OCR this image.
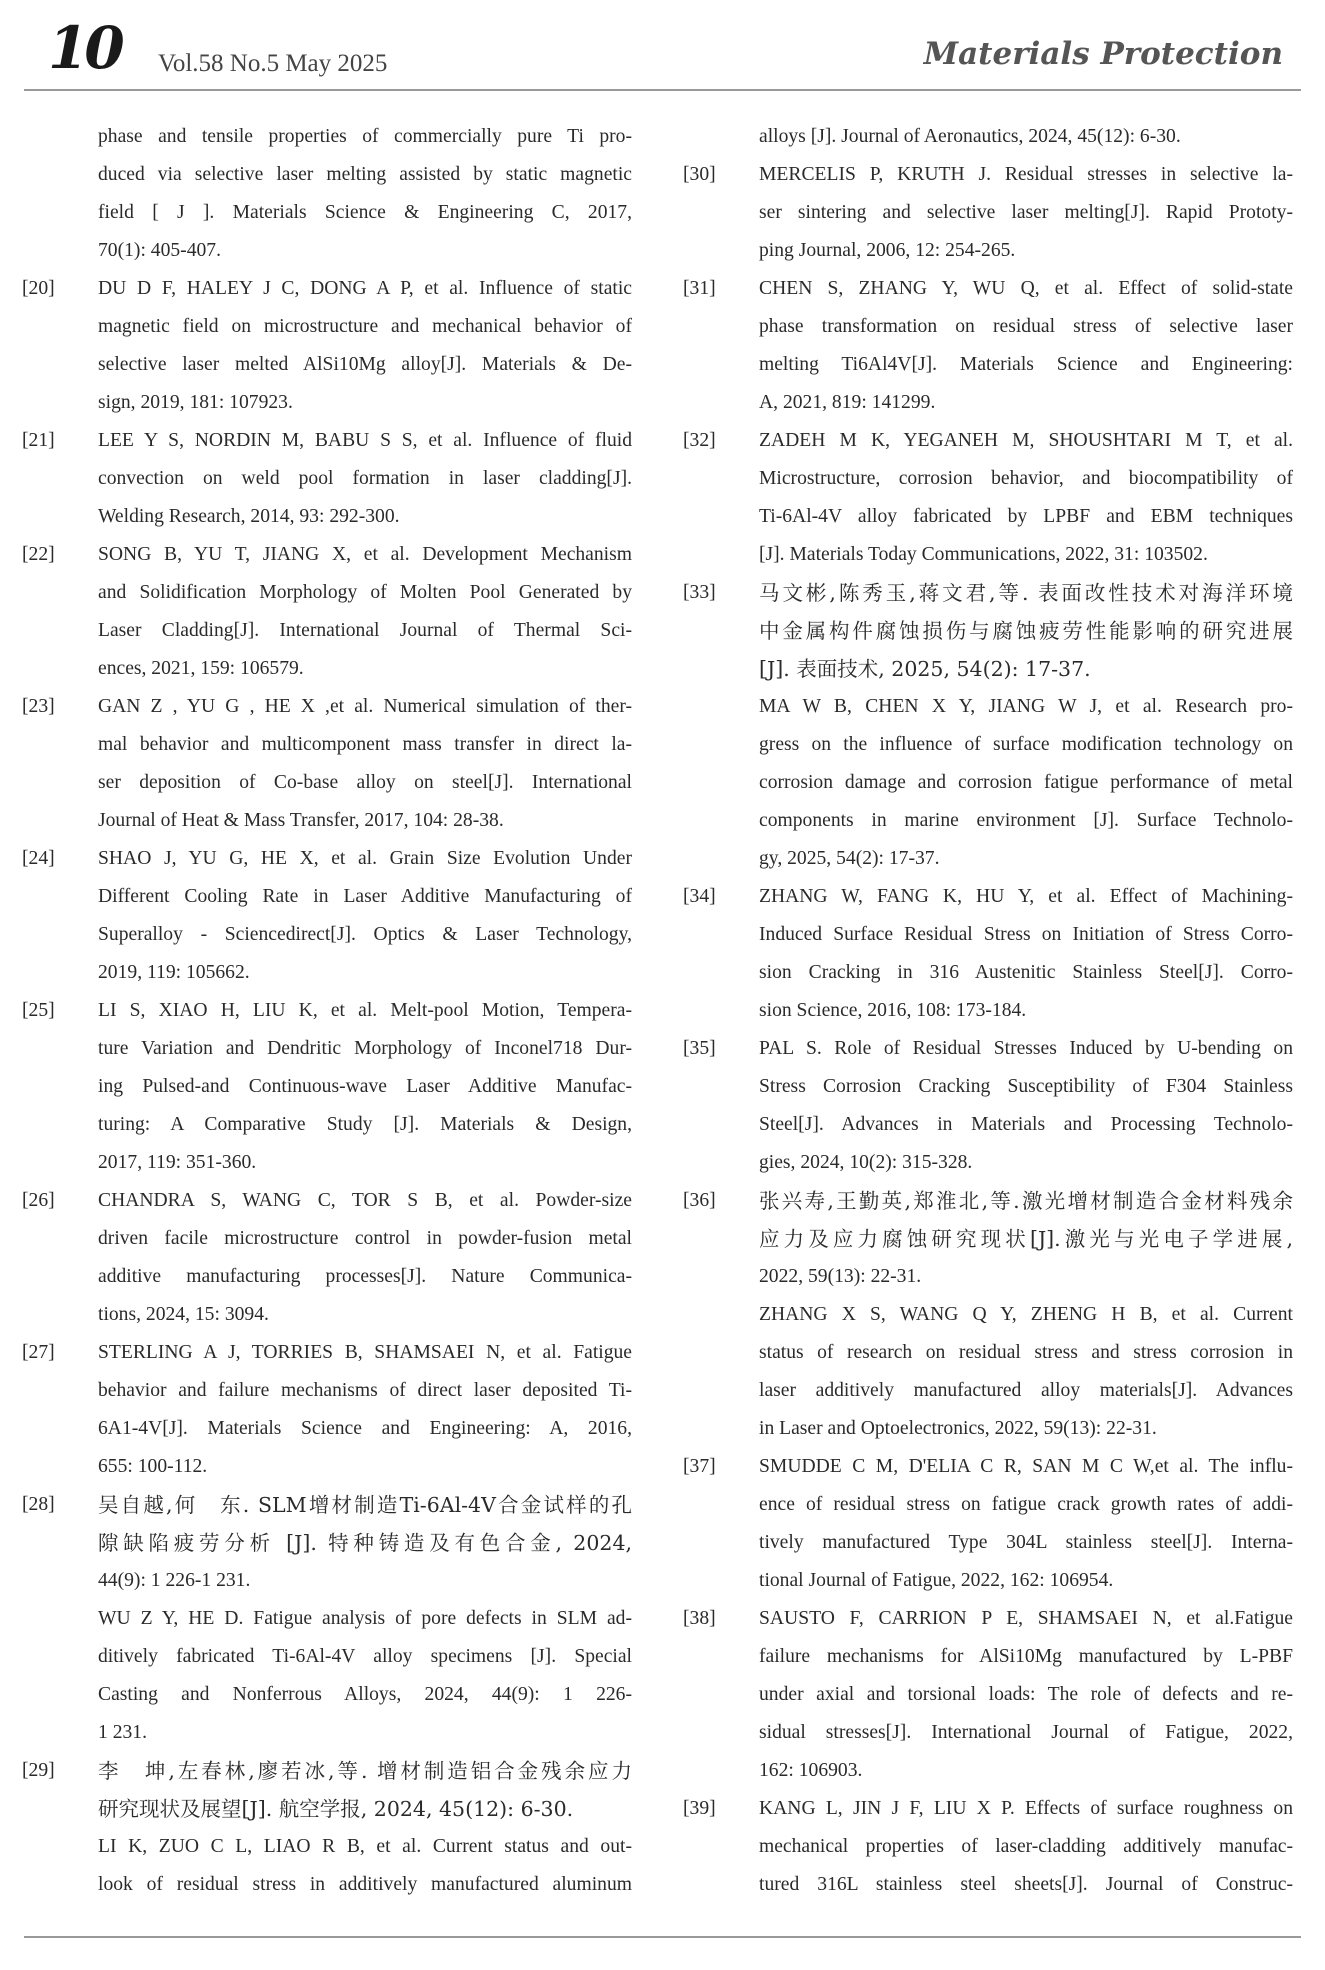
10 Vol.58 No.5 May 2025	Materials Protection
phase and tensile properties of commercially pure Ti pro-
duced via selective laser melting assisted by static magnetic
field [ J ]. Materials Science & Engineering C, 2017,
70(1): 405-407.
[20]	DU D F, HALEY J C, DONG A P, et al. Influence of static
magnetic field on microstructure and mechanical behavior of
selective laser melted AlSi10Mg alloy[J]. Materials & De-
sign, 2019, 181: 107923.
[21]	LEE Y S, NORDIN M, BABU S S, et al. Influence of fluid
convection on weld pool formation in laser cladding[J].
Welding Research, 2014, 93: 292-300.
[22]	SONG B, YU T, JIANG X, et al. Development Mechanism
and Solidification Morphology of Molten Pool Generated by
Laser Cladding[J]. International Journal of Thermal Sci-
ences, 2021, 159: 106579.
[23]	GAN Z , YU G , HE X ,et al. Numerical simulation of ther-
mal behavior and multicomponent mass transfer in direct la-
ser deposition of Co-base alloy on steel[J]. International
Journal of Heat & Mass Transfer, 2017, 104: 28-38.
[24]	SHAO J, YU G, HE X, et al. Grain Size Evolution Under
Different Cooling Rate in Laser Additive Manufacturing of
Superalloy - Sciencedirect[J]. Optics & Laser Technology,
2019, 119: 105662.
[25]	LI S, XIAO H, LIU K, et al. Melt-pool Motion, Tempera-
ture Variation and Dendritic Morphology of Inconel718 Dur-
ing Pulsed-and Continuous-wave Laser Additive Manufac-
turing: A Comparative Study [J]. Materials & Design,
2017, 119: 351-360.
[26]	CHANDRA S, WANG C, TOR S B, et al. Powder-size
driven facile microstructure control in powder-fusion metal
additive manufacturing processes[J]. Nature Communica-
tions, 2024, 15: 3094.
[27]	STERLING A J, TORRIES B, SHAMSAEI N, et al. Fatigue
behavior and failure mechanisms of direct laser deposited Ti-
6A1-4V[J]. Materials Science and Engineering: A, 2016,
655: 100-112.
[28]	吴自越,何　东. SLM增材制造Ti-6Al-4V合金试样的孔
隙缺陷疲劳分析 [J]. 特种铸造及有色合金, 2024,
44(9): 1 226-1 231.
WU Z Y, HE D. Fatigue analysis of pore defects in SLM ad-
ditively fabricated Ti-6Al-4V alloy specimens [J]. Special
Casting and Nonferrous Alloys, 2024, 44(9): 1 226-
1 231.
[29]	李　坤,左春林,廖若冰,等. 增材制造铝合金残余应力
研究现状及展望[J]. 航空学报, 2024, 45(12): 6-30.
LI K, ZUO C L, LIAO R B, et al. Current status and out-
look of residual stress in additively manufactured aluminum
alloys [J]. Journal of Aeronautics, 2024, 45(12): 6-30.
[30]	MERCELIS P, KRUTH J. Residual stresses in selective la-
ser sintering and selective laser melting[J]. Rapid Prototy-
ping Journal, 2006, 12: 254-265.
[31]	CHEN S, ZHANG Y, WU Q, et al. Effect of solid-state
phase transformation on residual stress of selective laser
melting Ti6Al4V[J]. Materials Science and Engineering:
A, 2021, 819: 141299.
[32]	ZADEH M K, YEGANEH M, SHOUSHTARI M T, et al.
Microstructure, corrosion behavior, and biocompatibility of
Ti-6Al-4V alloy fabricated by LPBF and EBM techniques
[J]. Materials Today Communications, 2022, 31: 103502.
[33]	马文彬,陈秀玉,蒋文君,等. 表面改性技术对海洋环境
中金属构件腐蚀损伤与腐蚀疲劳性能影响的研究进展
[J]. 表面技术, 2025, 54(2): 17-37.
MA W B, CHEN X Y, JIANG W J, et al. Research pro-
gress on the influence of surface modification technology on
corrosion damage and corrosion fatigue performance of metal
components in marine environment [J]. Surface Technolo-
gy, 2025, 54(2): 17-37.
[34]	ZHANG W, FANG K, HU Y, et al. Effect of Machining-
Induced Surface Residual Stress on Initiation of Stress Corro-
sion Cracking in 316 Austenitic Stainless Steel[J]. Corro-
sion Science, 2016, 108: 173-184.
[35]	PAL S. Role of Residual Stresses Induced by U-bending on
Stress Corrosion Cracking Susceptibility of F304 Stainless
Steel[J]. Advances in Materials and Processing Technolo-
gies, 2024, 10(2): 315-328.
[36]	张兴寿,王勤英,郑淮北,等.激光增材制造合金材料残余
应力及应力腐蚀研究现状[J].激光与光电子学进展,
2022, 59(13): 22-31.
ZHANG X S, WANG Q Y, ZHENG H B, et al. Current
status of research on residual stress and stress corrosion in
laser additively manufactured alloy materials[J]. Advances
in Laser and Optoelectronics, 2022, 59(13): 22-31.
[37]	SMUDDE C M, D'ELIA C R, SAN M C W,et al. The influ-
ence of residual stress on fatigue crack growth rates of addi-
tively manufactured Type 304L stainless steel[J]. Interna-
tional Journal of Fatigue, 2022, 162: 106954.
[38]	SAUSTO F, CARRION P E, SHAMSAEI N, et al.Fatigue
failure mechanisms for AlSi10Mg manufactured by L-PBF
under axial and torsional loads: The role of defects and re-
sidual stresses[J]. International Journal of Fatigue, 2022,
162: 106903.
[39]	KANG L, JIN J F, LIU X P. Effects of surface roughness on
mechanical properties of laser-cladding additively manufac-
tured 316L stainless steel sheets[J]. Journal of Construc-
